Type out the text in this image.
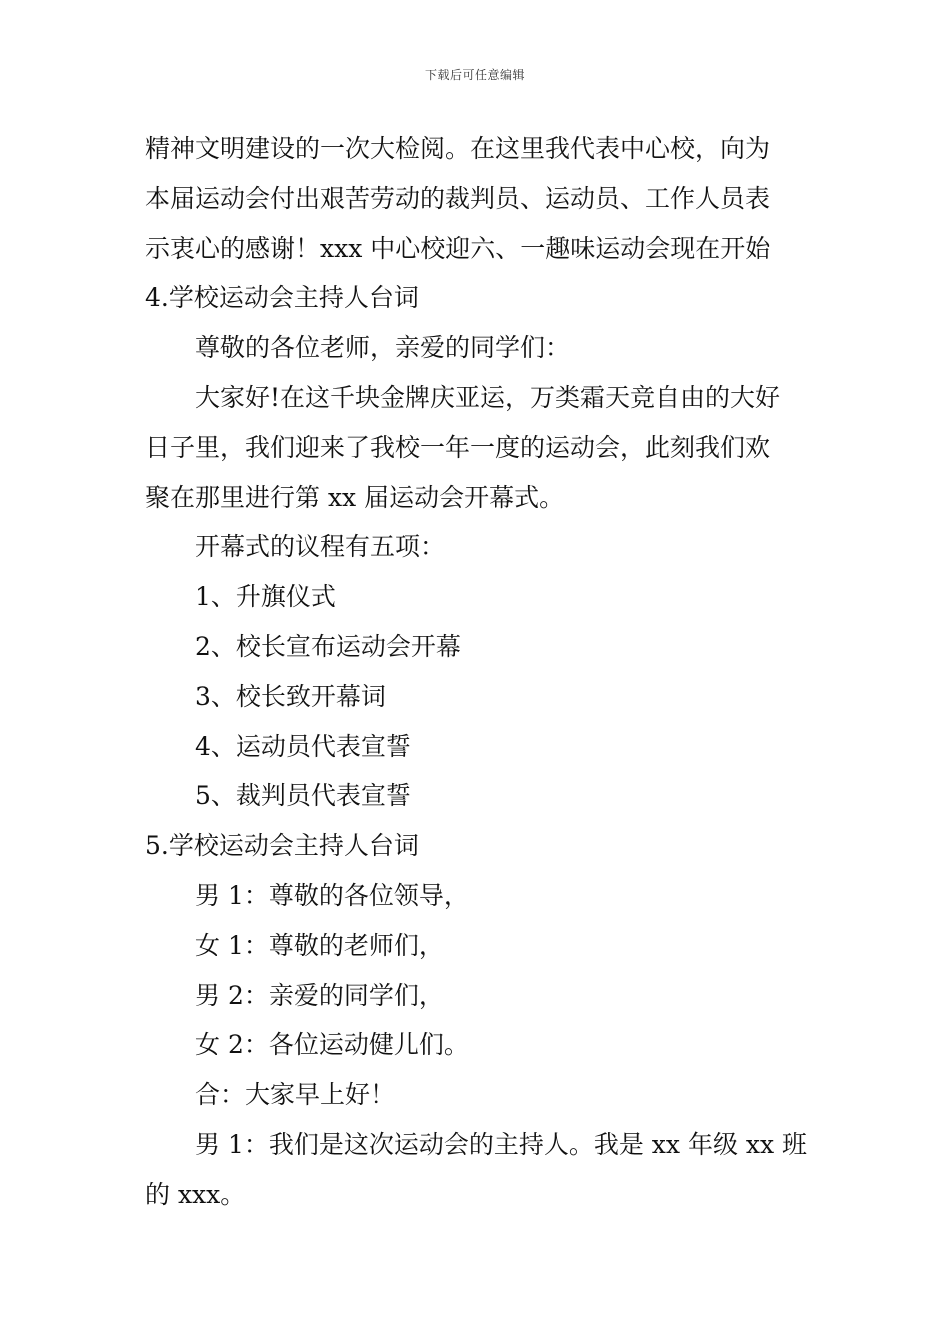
下载后可任意编辑
精神文明建设的一次大检阅。在这里我代表中心校，向为
本届运动会付出艰苦劳动的裁判员、运动员、工作人员表
示衷心的感谢！xxx 中心校迎六、一趣味运动会现在开始
4.学校运动会主持人台词
尊敬的各位老师，亲爱的同学们：
大家好!在这千块金牌庆亚运，万类霜天竞自由的大好
日子里，我们迎来了我校一年一度的运动会，此刻我们欢
聚在那里进行第 xx 届运动会开幕式。
开幕式的议程有五项：
1、升旗仪式
2、校长宣布运动会开幕
3、校长致开幕词
4、运动员代表宣誓
5、裁判员代表宣誓
5.学校运动会主持人台词
男 1：尊敬的各位领导，
女 1：尊敬的老师们，
男 2：亲爱的同学们，
女 2：各位运动健儿们。
合：大家早上好！
男 1：我们是这次运动会的主持人。我是 xx 年级 xx 班
的 xxx。
